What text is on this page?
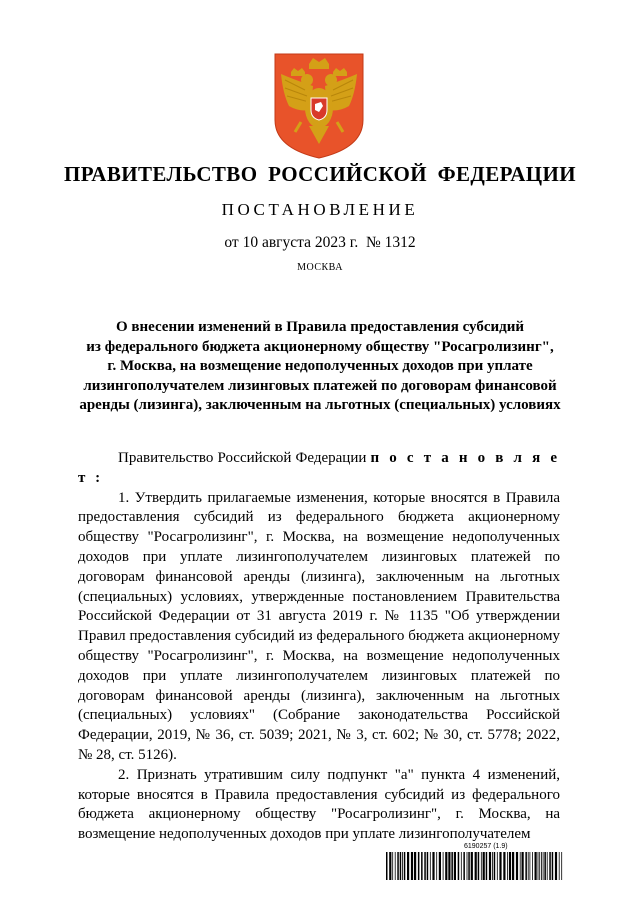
ПРАВИТЕЛЬСТВО РОССИЙСКОЙ ФЕДЕРАЦИИ
ПОСТАНОВЛЕНИЕ
от 10 августа 2023 г.  № 1312
МОСКВА
О внесении изменений в Правила предоставления субсидий
из федерального бюджета акционерному обществу "Росагролизинг",
г. Москва, на возмещение недополученных доходов при уплате
лизингополучателем лизинговых платежей по договорам финансовой
аренды (лизинга), заключенным на льготных (специальных) условиях

Правительство Российской Федерации п о с т а н о в л я е т :

1. Утвердить прилагаемые изменения, которые вносятся в Правила предоставления субсидий из федерального бюджета акционерному обществу "Росагролизинг", г. Москва, на возмещение недополученных доходов при уплате лизингополучателем лизинговых платежей по договорам финансовой аренды (лизинга), заключенным на льготных (специальных) условиях, утвержденные постановлением Правительства Российской Федерации от 31 августа 2019 г. № 1135 "Об утверждении Правил предоставления субсидий из федерального бюджета акционерному обществу "Росагролизинг", г. Москва, на возмещение недополученных доходов при уплате лизингополучателем лизинговых платежей по договорам финансовой аренды (лизинга), заключенным на льготных (специальных) условиях" (Собрание законодательства Российской Федерации, 2019, № 36, ст. 5039; 2021, № 3, ст. 602; № 30, ст. 5778; 2022, № 28, ст. 5126).

2. Признать утратившим силу подпункт "а" пункта 4 изменений, которые вносятся в Правила предоставления субсидий из федерального бюджета акционерному обществу "Росагролизинг", г. Москва, на возмещение недополученных доходов при уплате лизингополучателем

6190257 (1.9)
